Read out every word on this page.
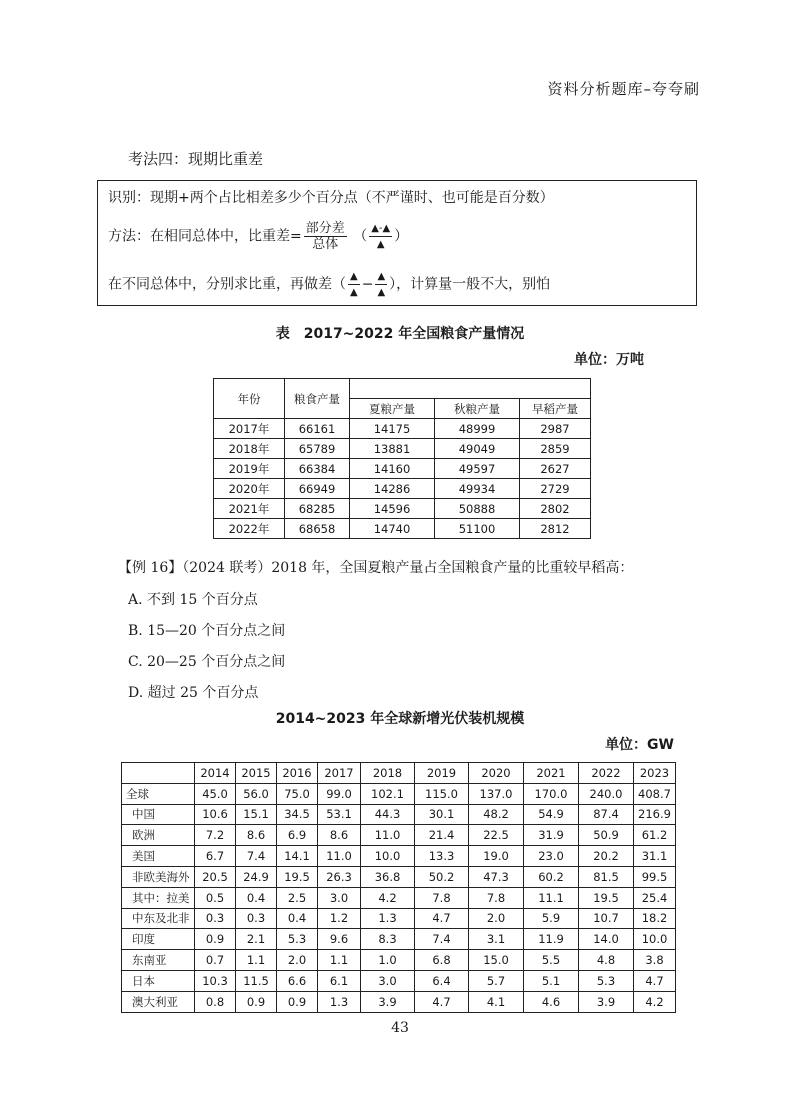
资料分析题库–夸夸刷
考法四：现期比重差
识别：现期+两个占比相差多少个百分点（不严谨时、也可能是百分数）
方法：在相同总体中，比重差= $\frac{\text{部分差}}{\text{总体}}$ （ $\frac{▲-▲}{▲}$ ）
在不同总体中，分别求比重，再做差（ $\frac{▲}{▲} - \frac{▲}{▲}$ ），计算量一般不大，别怕
表　2017~2022 年全国粮食产量情况
单位：万吨
年份	粮食产量			
		夏粮产量	秋粮产量	早稻产量
2017年	66161	14175	48999	2987
2018年	65789	13881	49049	2859
2019年	66384	14160	49597	2627
2020年	66949	14286	49934	2729
2021年	68285	14596	50888	2802
2022年	68658	14740	51100	2812
【例 16】（2024 联考）2018 年，全国夏粮产量占全国粮食产量的比重较早稻高：
A. 不到 15 个百分点
B. 15—20 个百分点之间
C. 20—25 个百分点之间
D. 超过 25 个百分点
2014~2023 年全球新增光伏装机规模
单位：GW
	2014	2015	2016	2017	2018	2019	2020	2021	2022	2023
全球	45.0	56.0	75.0	99.0	102.1	115.0	137.0	170.0	240.0	408.7
中国	10.6	15.1	34.5	53.1	44.3	30.1	48.2	54.9	87.4	216.9
欧洲	7.2	8.6	6.9	8.6	11.0	21.4	22.5	31.9	50.9	61.2
美国	6.7	7.4	14.1	11.0	10.0	13.3	19.0	23.0	20.2	31.1
非欧美海外	20.5	24.9	19.5	26.3	36.8	50.2	47.3	60.2	81.5	99.5
其中：拉美	0.5	0.4	2.5	3.0	4.2	7.8	7.8	11.1	19.5	25.4
中东及北非	0.3	0.3	0.4	1.2	1.3	4.7	2.0	5.9	10.7	18.2
印度	0.9	2.1	5.3	9.6	8.3	7.4	3.1	11.9	14.0	10.0
东南亚	0.7	1.1	2.0	1.1	1.0	6.8	15.0	5.5	4.8	3.8
日本	10.3	11.5	6.6	6.1	3.0	6.4	5.7	5.1	5.3	4.7
澳大利亚	0.8	0.9	0.9	1.3	3.9	4.7	4.1	4.6	3.9	4.2
43
